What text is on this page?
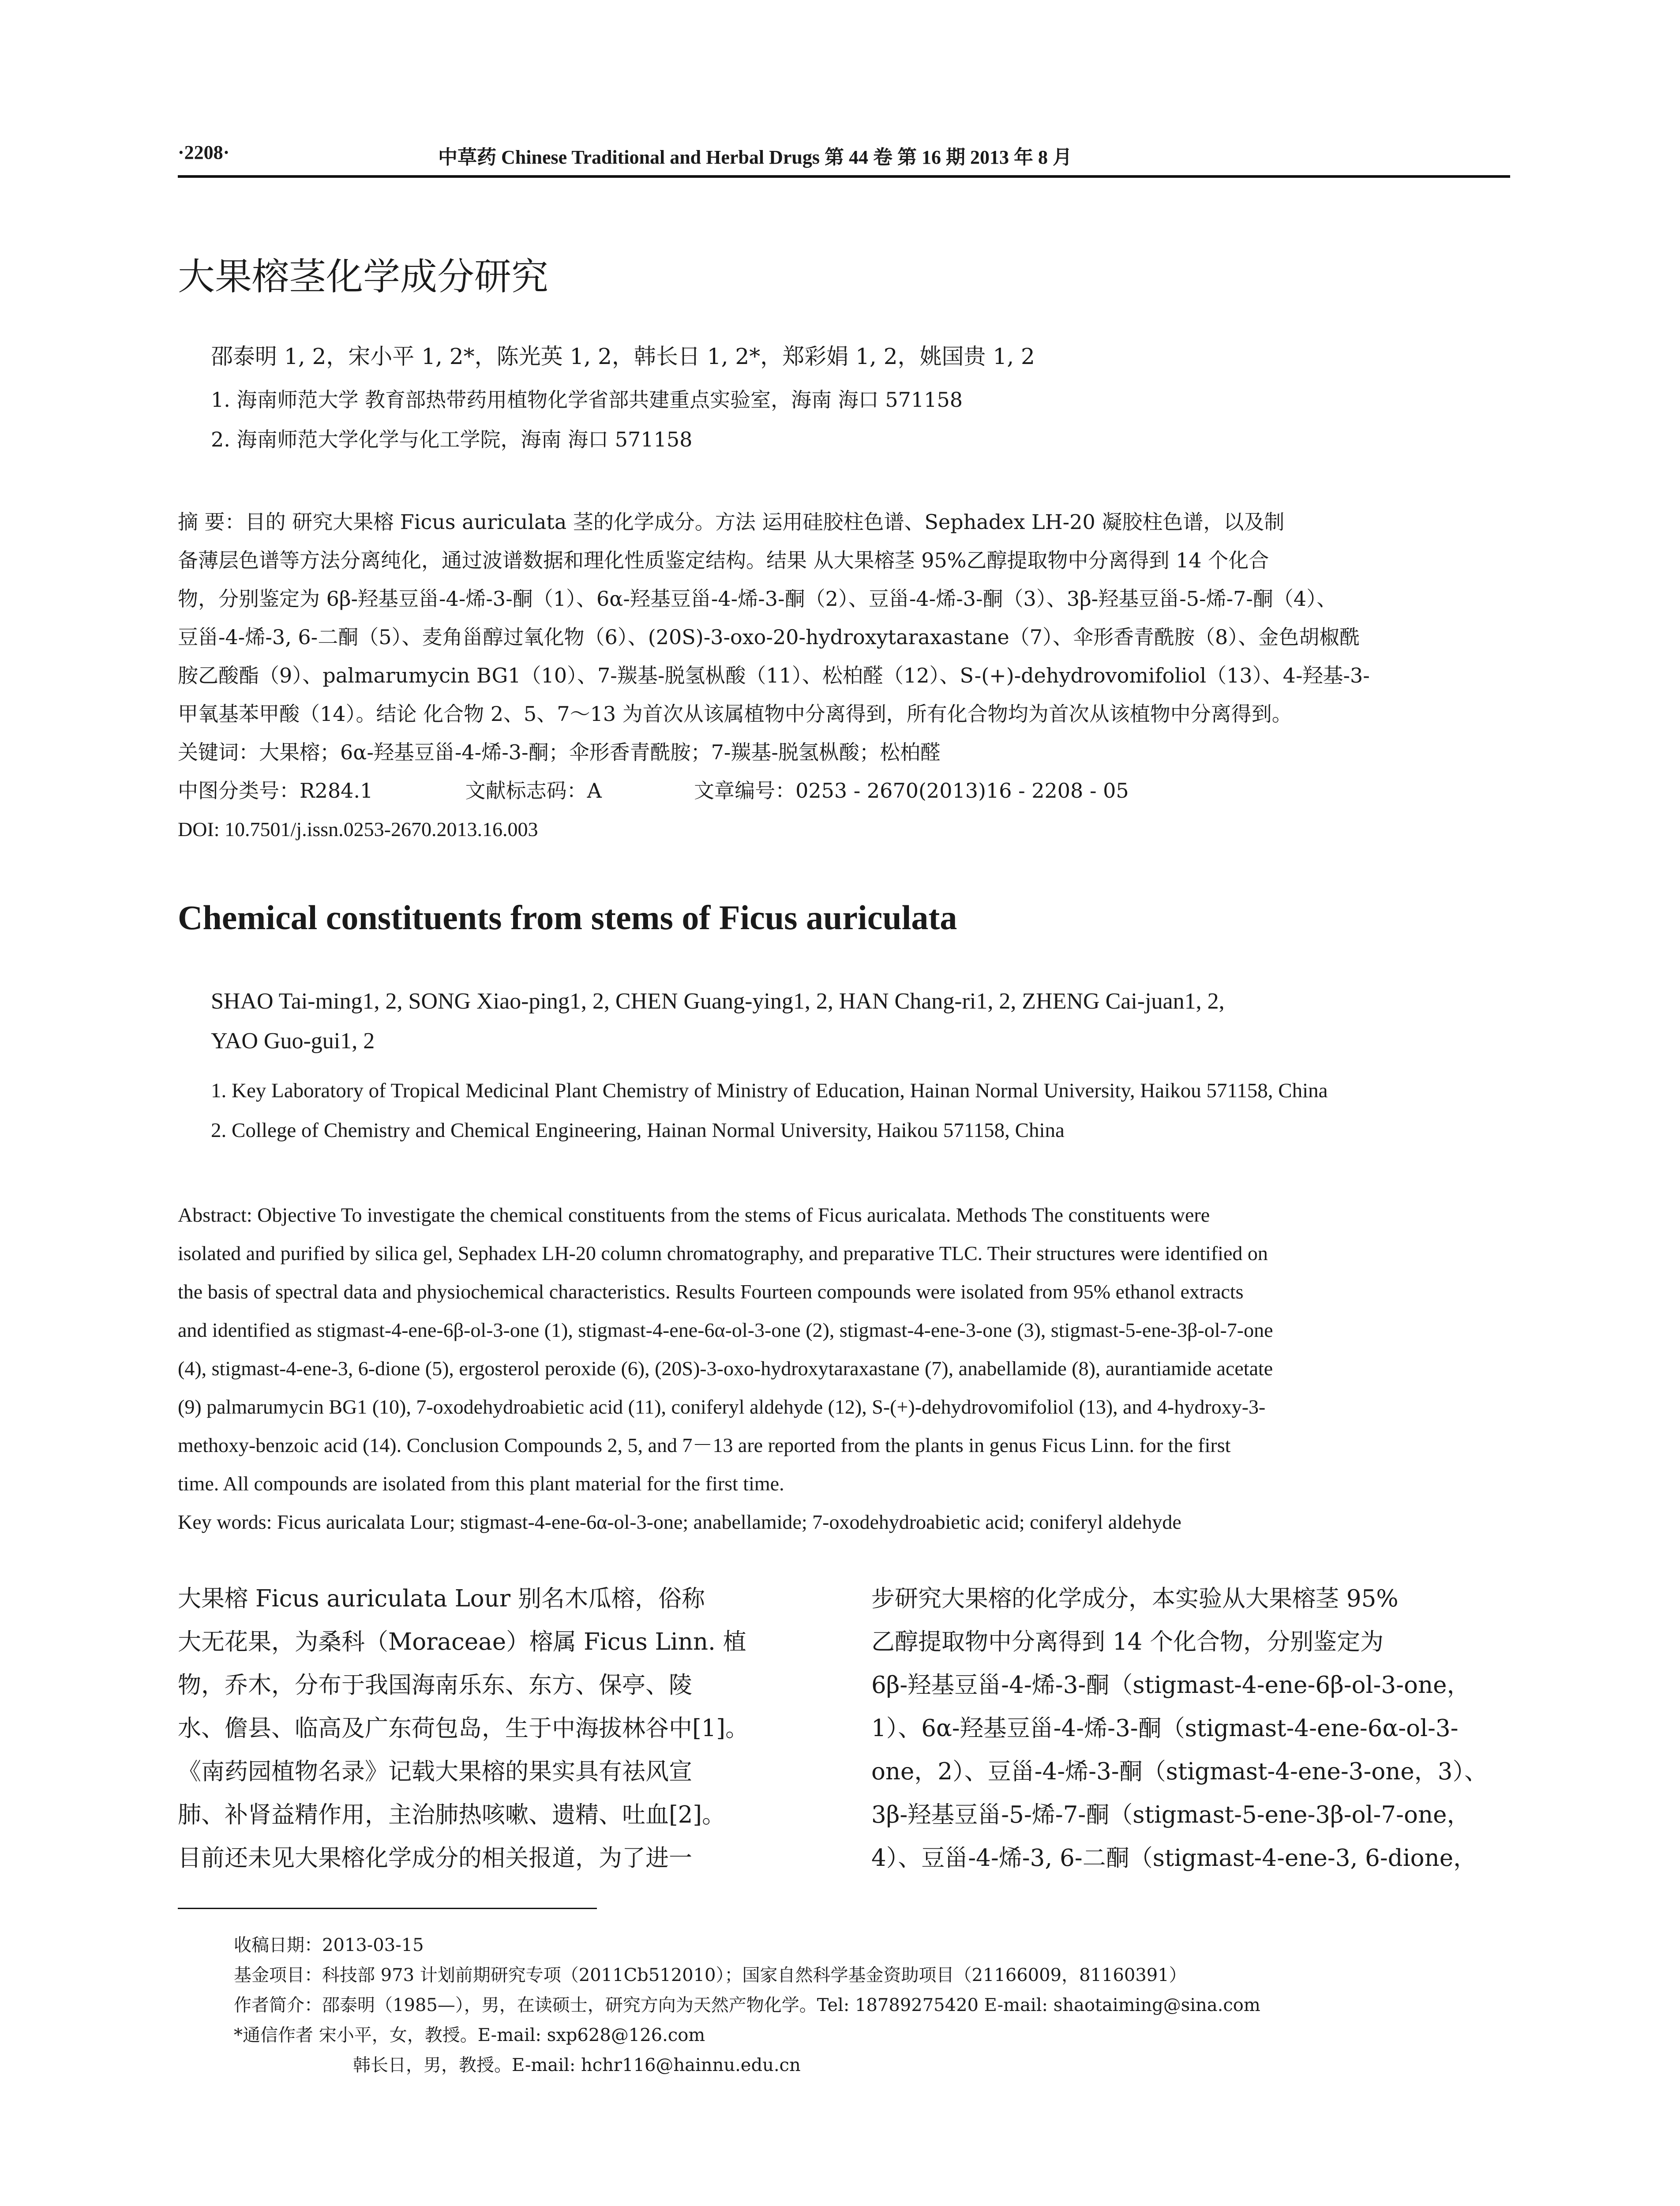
·2208·	中草药 Chinese Traditional and Herbal Drugs 第 44 卷 第 16 期 2013 年 8 月
大果榕茎化学成分研究
邵泰明 1, 2，宋小平 1, 2*，陈光英 1, 2，韩长日 1, 2*，郑彩娟 1, 2，姚国贵 1, 2
1. 海南师范大学 教育部热带药用植物化学省部共建重点实验室，海南 海口 571158
2. 海南师范大学化学与化工学院，海南 海口 571158
摘 要：目的 研究大果榕 Ficus auriculata 茎的化学成分。方法 运用硅胶柱色谱、Sephadex LH-20 凝胶柱色谱，以及制
备薄层色谱等方法分离纯化，通过波谱数据和理化性质鉴定结构。结果 从大果榕茎 95%乙醇提取物中分离得到 14 个化合
物，分别鉴定为 6β-羟基豆甾-4-烯-3-酮（1）、6α-羟基豆甾-4-烯-3-酮（2）、豆甾-4-烯-3-酮（3）、3β-羟基豆甾-5-烯-7-酮（4）、
豆甾-4-烯-3, 6-二酮（5）、麦角甾醇过氧化物（6）、(20S)-3-oxo-20-hydroxytaraxastane（7）、伞形香青酰胺（8）、金色胡椒酰
胺乙酸酯（9）、palmarumycin BG1（10）、7-羰基-脱氢枞酸（11）、松柏醛（12）、S-(+)-dehydrovomifoliol（13）、4-羟基-3-
甲氧基苯甲酸（14）。结论 化合物 2、5、7～13 为首次从该属植物中分离得到，所有化合物均为首次从该植物中分离得到。
关键词：大果榕；6α-羟基豆甾-4-烯-3-酮；伞形香青酰胺；7-羰基-脱氢枞酸；松柏醛
中图分类号：R284.1	文献标志码：A	文章编号：0253 - 2670(2013)16 - 2208 - 05
DOI: 10.7501/j.issn.0253-2670.2013.16.003
Chemical constituents from stems of Ficus auriculata
SHAO Tai-ming1, 2, SONG Xiao-ping1, 2, CHEN Guang-ying1, 2, HAN Chang-ri1, 2, ZHENG Cai-juan1, 2,
YAO Guo-gui1, 2
1. Key Laboratory of Tropical Medicinal Plant Chemistry of Ministry of Education, Hainan Normal University, Haikou 571158, China
2. College of Chemistry and Chemical Engineering, Hainan Normal University, Haikou 571158, China
Abstract: Objective To investigate the chemical constituents from the stems of Ficus auricalata. Methods The constituents were
isolated and purified by silica gel, Sephadex LH-20 column chromatography, and preparative TLC. Their structures were identified on
the basis of spectral data and physiochemical characteristics. Results Fourteen compounds were isolated from 95% ethanol extracts
and identified as stigmast-4-ene-6β-ol-3-one (1), stigmast-4-ene-6α-ol-3-one (2), stigmast-4-ene-3-one (3), stigmast-5-ene-3β-ol-7-one
(4), stigmast-4-ene-3, 6-dione (5), ergosterol peroxide (6), (20S)-3-oxo-hydroxytaraxastane (7), anabellamide (8), aurantiamide acetate
(9) palmarumycin BG1 (10), 7-oxodehydroabietic acid (11), coniferyl aldehyde (12), S-(+)-dehydrovomifoliol (13), and 4-hydroxy-3-
methoxy-benzoic acid (14). Conclusion Compounds 2, 5, and 7－13 are reported from the plants in genus Ficus Linn. for the first
time. All compounds are isolated from this plant material for the first time.
Key words: Ficus auricalata Lour; stigmast-4-ene-6α-ol-3-one; anabellamide; 7-oxodehydroabietic acid; coniferyl aldehyde
大果榕 Ficus auriculata Lour 别名木瓜榕，俗称
大无花果，为桑科（Moraceae）榕属 Ficus Linn. 植
物，乔木，分布于我国海南乐东、东方、保亭、陵
水、儋县、临高及广东荷包岛，生于中海拔林谷中[1]。
《南药园植物名录》记载大果榕的果实具有祛风宣
肺、补肾益精作用，主治肺热咳嗽、遗精、吐血[2]。
目前还未见大果榕化学成分的相关报道，为了进一
步研究大果榕的化学成分，本实验从大果榕茎 95%
乙醇提取物中分离得到 14 个化合物，分别鉴定为
6β-羟基豆甾-4-烯-3-酮（stigmast-4-ene-6β-ol-3-one，
1）、6α-羟基豆甾-4-烯-3-酮（stigmast-4-ene-6α-ol-3-
one，2）、豆甾-4-烯-3-酮（stigmast-4-ene-3-one，3）、
3β-羟基豆甾-5-烯-7-酮（stigmast-5-ene-3β-ol-7-one，
4）、豆甾-4-烯-3, 6-二酮（stigmast-4-ene-3, 6-dione，
收稿日期：2013-03-15
基金项目：科技部 973 计划前期研究专项（2011Cb512010）；国家自然科学基金资助项目（21166009，81160391）
作者简介：邵泰明（1985—），男，在读硕士，研究方向为天然产物化学。Tel: 18789275420 E-mail: shaotaiming@sina.com
*通信作者 宋小平，女，教授。E-mail: sxp628@126.com
韩长日，男，教授。E-mail: hchr116@hainnu.edu.cn
